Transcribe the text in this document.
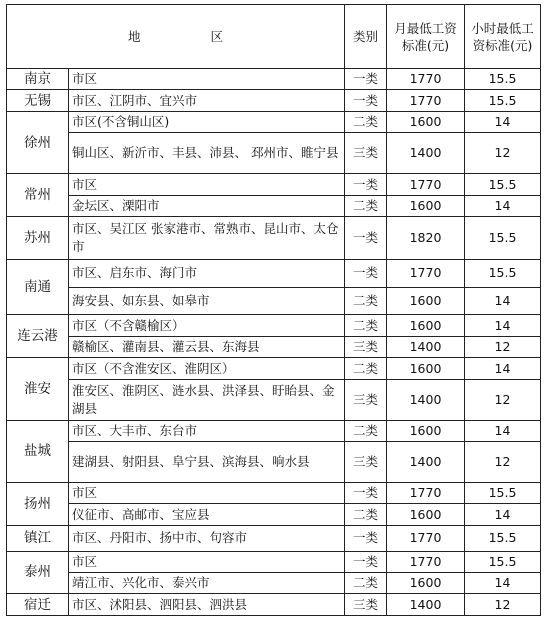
地 区		类别	月最低工资标准(元)	小时最低工资标准(元)
南京	市区	一类	1770	15.5
无锡	市区、江阴市、宜兴市	一类	1770	15.5
徐州	市区(不含铜山区)	二类	1600	14
	铜山区、新沂市、丰县、沛县、 邳州市、睢宁县	三类	1400	12
常州	市区	一类	1770	15.5
	金坛区、溧阳市	二类	1600	14
苏州	市区、吴江区 张家港市、常熟市、昆山市、太仓市	一类	1820	15.5
南通	市区、启东市、海门市	一类	1770	15.5
	海安县、如东县、如皋市	二类	1600	14
连云港	市区（不含赣榆区）	二类	1600	14
	赣榆区、灌南县、灌云县、东海县	三类	1400	12
淮安	市区（不含淮安区、淮阴区）	二类	1600	14
	淮安区、淮阴区、涟水县、洪泽县、盱眙县、金湖县	三类	1400	12
盐城	市区、大丰市、东台市	二类	1600	14
	建湖县、射阳县、阜宁县、滨海县、响水县	三类	1400	12
扬州	市区	一类	1770	15.5
	仪征市、高邮市、宝应县	二类	1600	14
镇江	市区、丹阳市、扬中市、句容市	一类	1770	15.5
泰州	市区	一类	1770	15.5
	靖江市、兴化市、泰兴市	二类	1600	14
宿迁	市区、沭阳县、泗阳县、泗洪县	三类	1400	12
